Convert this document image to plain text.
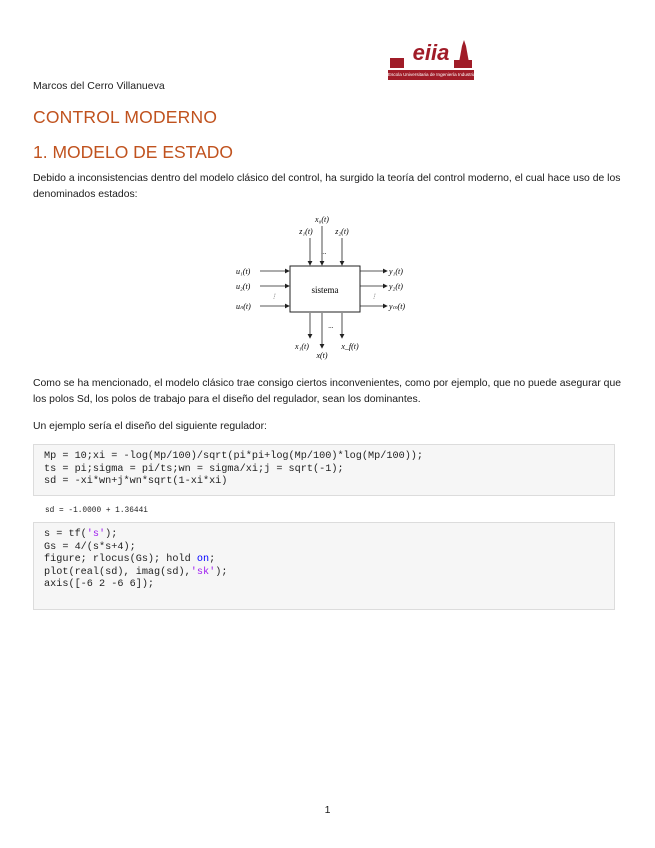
eiia
Escola Universitaria de Ingeniería Industrial y Aeronáutica de Terrassa
Marcos del Cerro Villanueva
CONTROL MODERNO
1. MODELO DE ESTADO

Debido a inconsistencias dentro del modelo clásico del control, ha surgido la teoría del control moderno, el cual hace uso de los denominados estados:

sistema
x₀(t)
z₁(t)	z₂(t)
...
u₁(t)
u₂(t)
uₙ(t)
⋮
y₁(t)
y₂(t)
yₘ(t)
⋮
...
x₁(t)	x_f(t)
x(t)

Como se ha mencionado, el modelo clásico trae consigo ciertos inconvenientes, como por ejemplo, que no puede asegurar que los polos Sd, los polos de trabajo para el diseño del regulador, sean los dominantes.

Un ejemplo sería el diseño del siguiente regulador:

Mp = 10;xi = -log(Mp/100)/sqrt(pi*pi+log(Mp/100)*log(Mp/100));
ts = pi;sigma = pi/ts;wn = sigma/xi;j = sqrt(-1);
sd = -xi*wn+j*wn*sqrt(1-xi*xi)
sd = -1.0000 + 1.3644i
s = tf('s');
Gs = 4/(s*s+4);
figure; rlocus(Gs); hold on;
plot(real(sd), imag(sd),'sk');
axis([-6 2 -6 6]);
1
